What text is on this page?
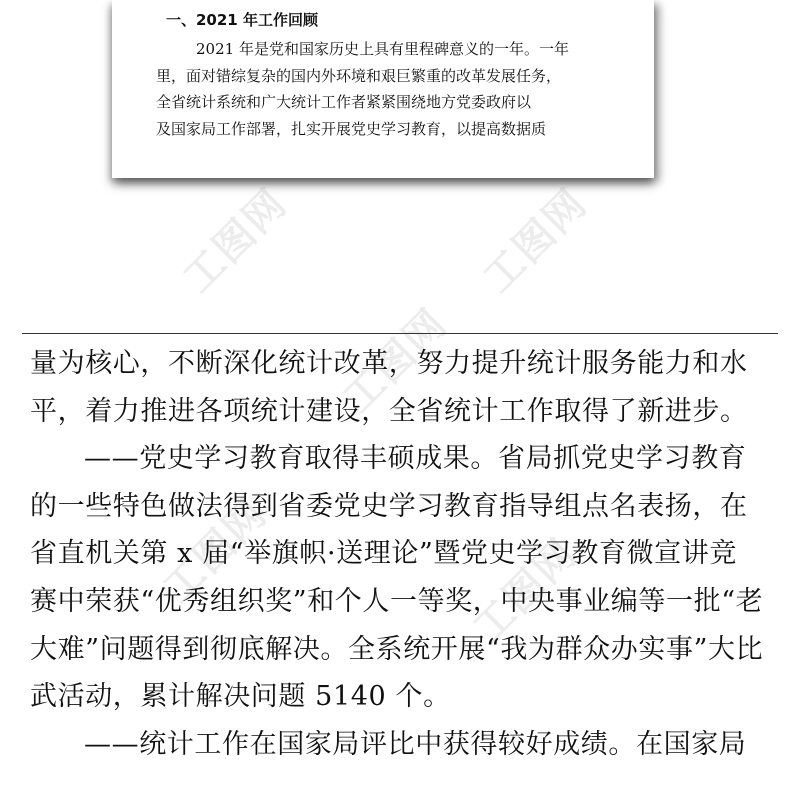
工图网	工图网
工图网
工图网	工图网
一、2021 年工作回顾

2021 年是党和国家历史上具有里程碑意义的一年。一年
里，面对错综复杂的国内外环境和艰巨繁重的改革发展任务，
全省统计系统和广大统计工作者紧紧围绕地方党委政府以
及国家局工作部署，扎实开展党史学习教育，以提高数据质

量为核心，不断深化统计改革，努力提升统计服务能力和水
平，着力推进各项统计建设，全省统计工作取得了新进步。
——党史学习教育取得丰硕成果。省局抓党史学习教育
的一些特色做法得到省委党史学习教育指导组点名表扬，在
省直机关第 x 届“举旗帜·送理论”暨党史学习教育微宣讲竞
赛中荣获“优秀组织奖”和个人一等奖，中央事业编等一批“老
大难”问题得到彻底解决。全系统开展“我为群众办实事”大比
武活动，累计解决问题 5140 个。
——统计工作在国家局评比中获得较好成绩。在国家局
